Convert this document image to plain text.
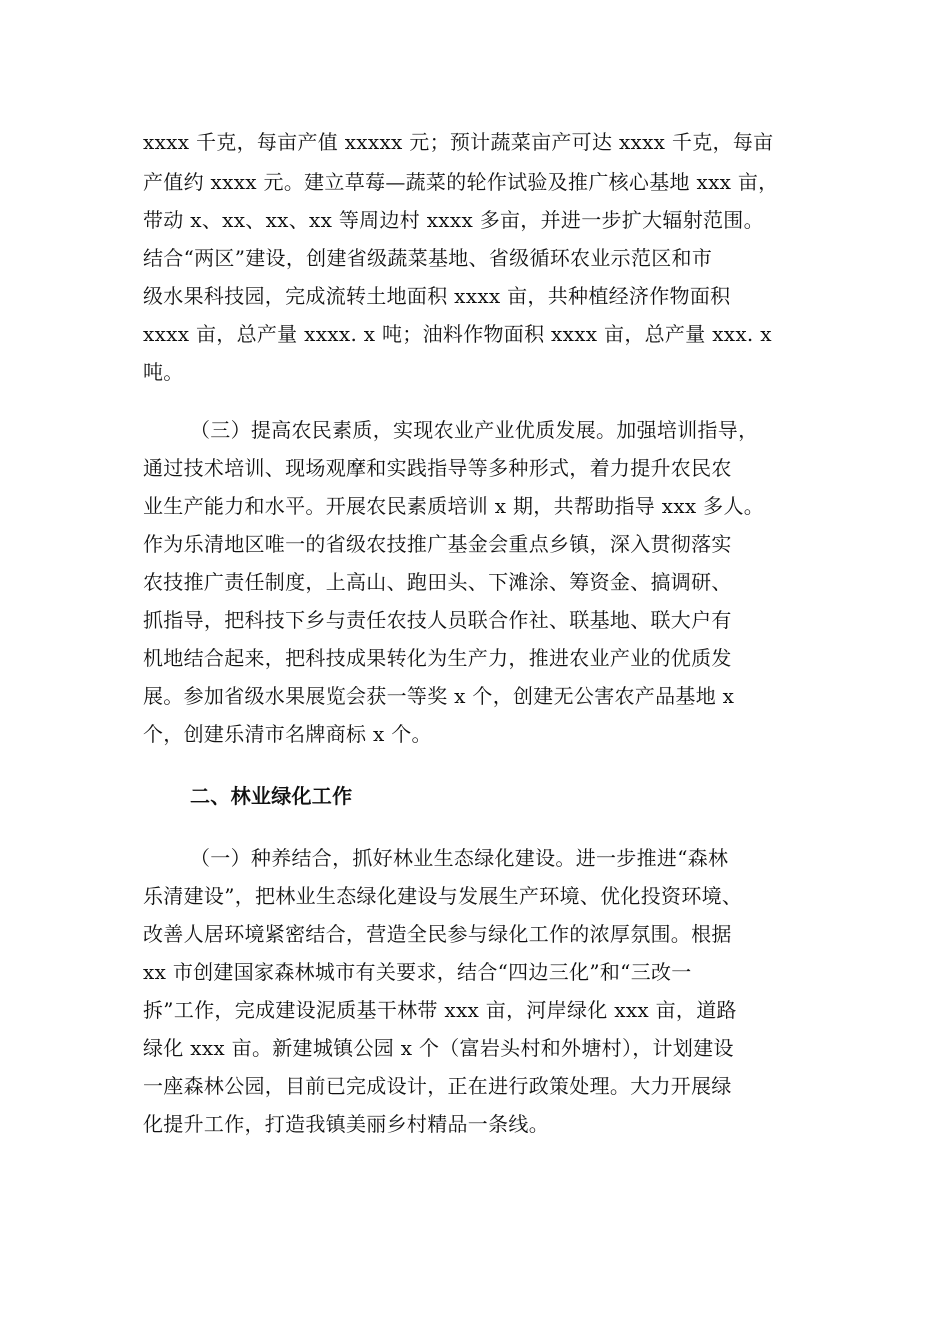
xxxx 千克，每亩产值 xxxxx 元；预计蔬菜亩产可达 xxxx 千克，每亩
产值约 xxxx 元。建立草莓—蔬菜的轮作试验及推广核心基地 xxx 亩，
带动 x、xx、xx、xx 等周边村 xxxx 多亩，并进一步扩大辐射范围。
结合“两区”建设，创建省级蔬菜基地、省级循环农业示范区和市
级水果科技园，完成流转土地面积 xxxx 亩，共种植经济作物面积
xxxx 亩，总产量 xxxx. x 吨；油料作物面积 xxxx 亩，总产量 xxx. x
吨。
（三）提高农民素质，实现农业产业优质发展。加强培训指导，
通过技术培训、现场观摩和实践指导等多种形式，着力提升农民农
业生产能力和水平。开展农民素质培训 x 期，共帮助指导 xxx 多人。
作为乐清地区唯一的省级农技推广基金会重点乡镇，深入贯彻落实
农技推广责任制度，上高山、跑田头、下滩涂、筹资金、搞调研、
抓指导，把科技下乡与责任农技人员联合作社、联基地、联大户有
机地结合起来，把科技成果转化为生产力，推进农业产业的优质发
展。参加省级水果展览会获一等奖 x 个，创建无公害农产品基地 x
个，创建乐清市名牌商标 x 个。
二、林业绿化工作
（一）种养结合，抓好林业生态绿化建设。进一步推进“森林
乐清建设”，把林业生态绿化建设与发展生产环境、优化投资环境、
改善人居环境紧密结合，营造全民参与绿化工作的浓厚氛围。根据
xx 市创建国家森林城市有关要求，结合“四边三化”和“三改一
拆”工作，完成建设泥质基干林带 xxx 亩，河岸绿化 xxx 亩，道路
绿化 xxx 亩。新建城镇公园 x 个（富岩头村和外塘村），计划建设
一座森林公园，目前已完成设计，正在进行政策处理。大力开展绿
化提升工作，打造我镇美丽乡村精品一条线。
